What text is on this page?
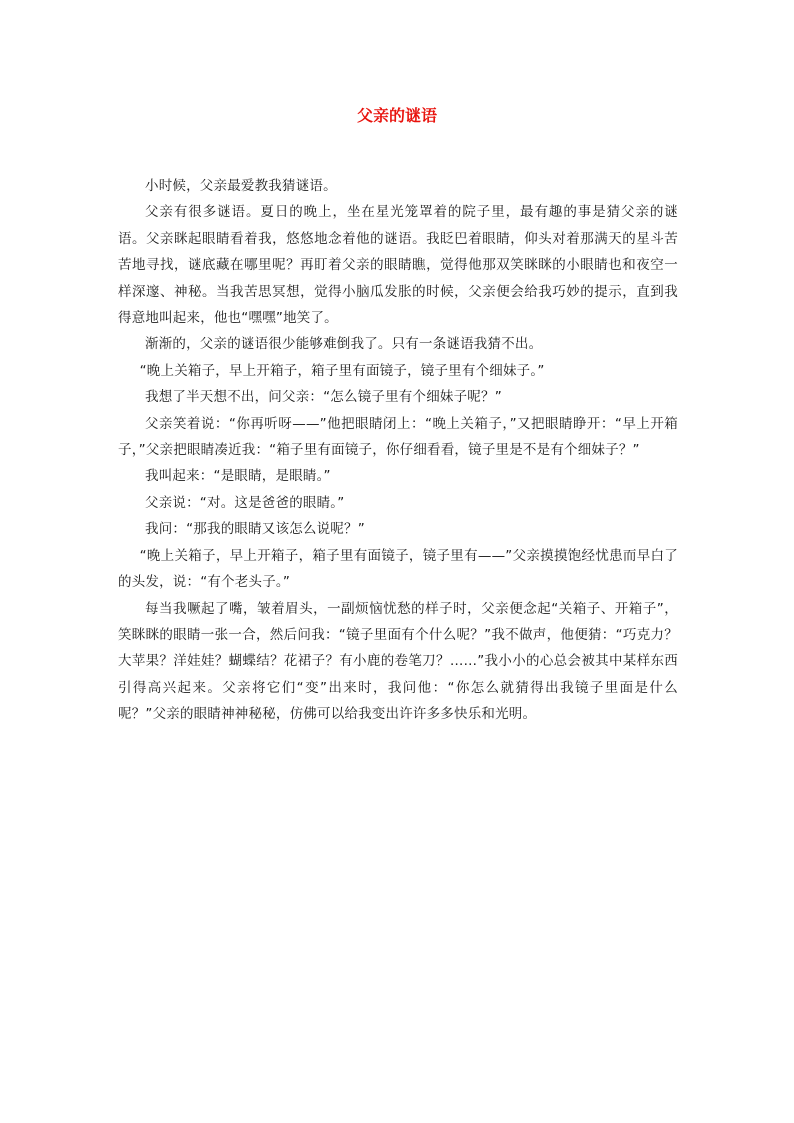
父亲的谜语

小时候，父亲最爱教我猜谜语。

父亲有很多谜语。夏日的晚上，坐在星光笼罩着的院子里，最有趣的事是猜父亲的谜语。父亲眯起眼睛看着我，悠悠地念着他的谜语。我眨巴着眼睛，仰头对着那满天的星斗苦苦地寻找，谜底藏在哪里呢？再盯着父亲的眼睛瞧，觉得他那双笑眯眯的小眼睛也和夜空一样深邃、神秘。当我苦思冥想，觉得小脑瓜发胀的时候，父亲便会给我巧妙的提示，直到我得意地叫起来，他也“嘿嘿”地笑了。

渐渐的，父亲的谜语很少能够难倒我了。只有一条谜语我猜不出。

“晚上关箱子，早上开箱子，箱子里有面镜子，镜子里有个细妹子。”

我想了半天想不出，问父亲：“怎么镜子里有个细妹子呢？”

父亲笑着说：“你再听呀——”他把眼睛闭上：“晚上关箱子，”又把眼睛睁开：“早上开箱子，”父亲把眼睛凑近我：“箱子里有面镜子，你仔细看看，镜子里是不是有个细妹子？”

我叫起来：“是眼睛，是眼睛。”

父亲说：“对。这是爸爸的眼睛。”

我问：“那我的眼睛又该怎么说呢？”

“晚上关箱子，早上开箱子，箱子里有面镜子，镜子里有——”父亲摸摸饱经忧患而早白了的头发，说：“有个老头子。”

每当我噘起了嘴，皱着眉头，一副烦恼忧愁的样子时，父亲便念起“关箱子、开箱子”，笑眯眯的眼睛一张一合，然后问我：“镜子里面有个什么呢？”我不做声，他便猜：“巧克力？大苹果？洋娃娃？蝴蝶结？花裙子？有小鹿的卷笔刀？……”我小小的心总会被其中某样东西引得高兴起来。父亲将它们“变”出来时，我问他：“你怎么就猜得出我镜子里面是什么呢？”父亲的眼睛神神秘秘，仿佛可以给我变出许许多多快乐和光明。
